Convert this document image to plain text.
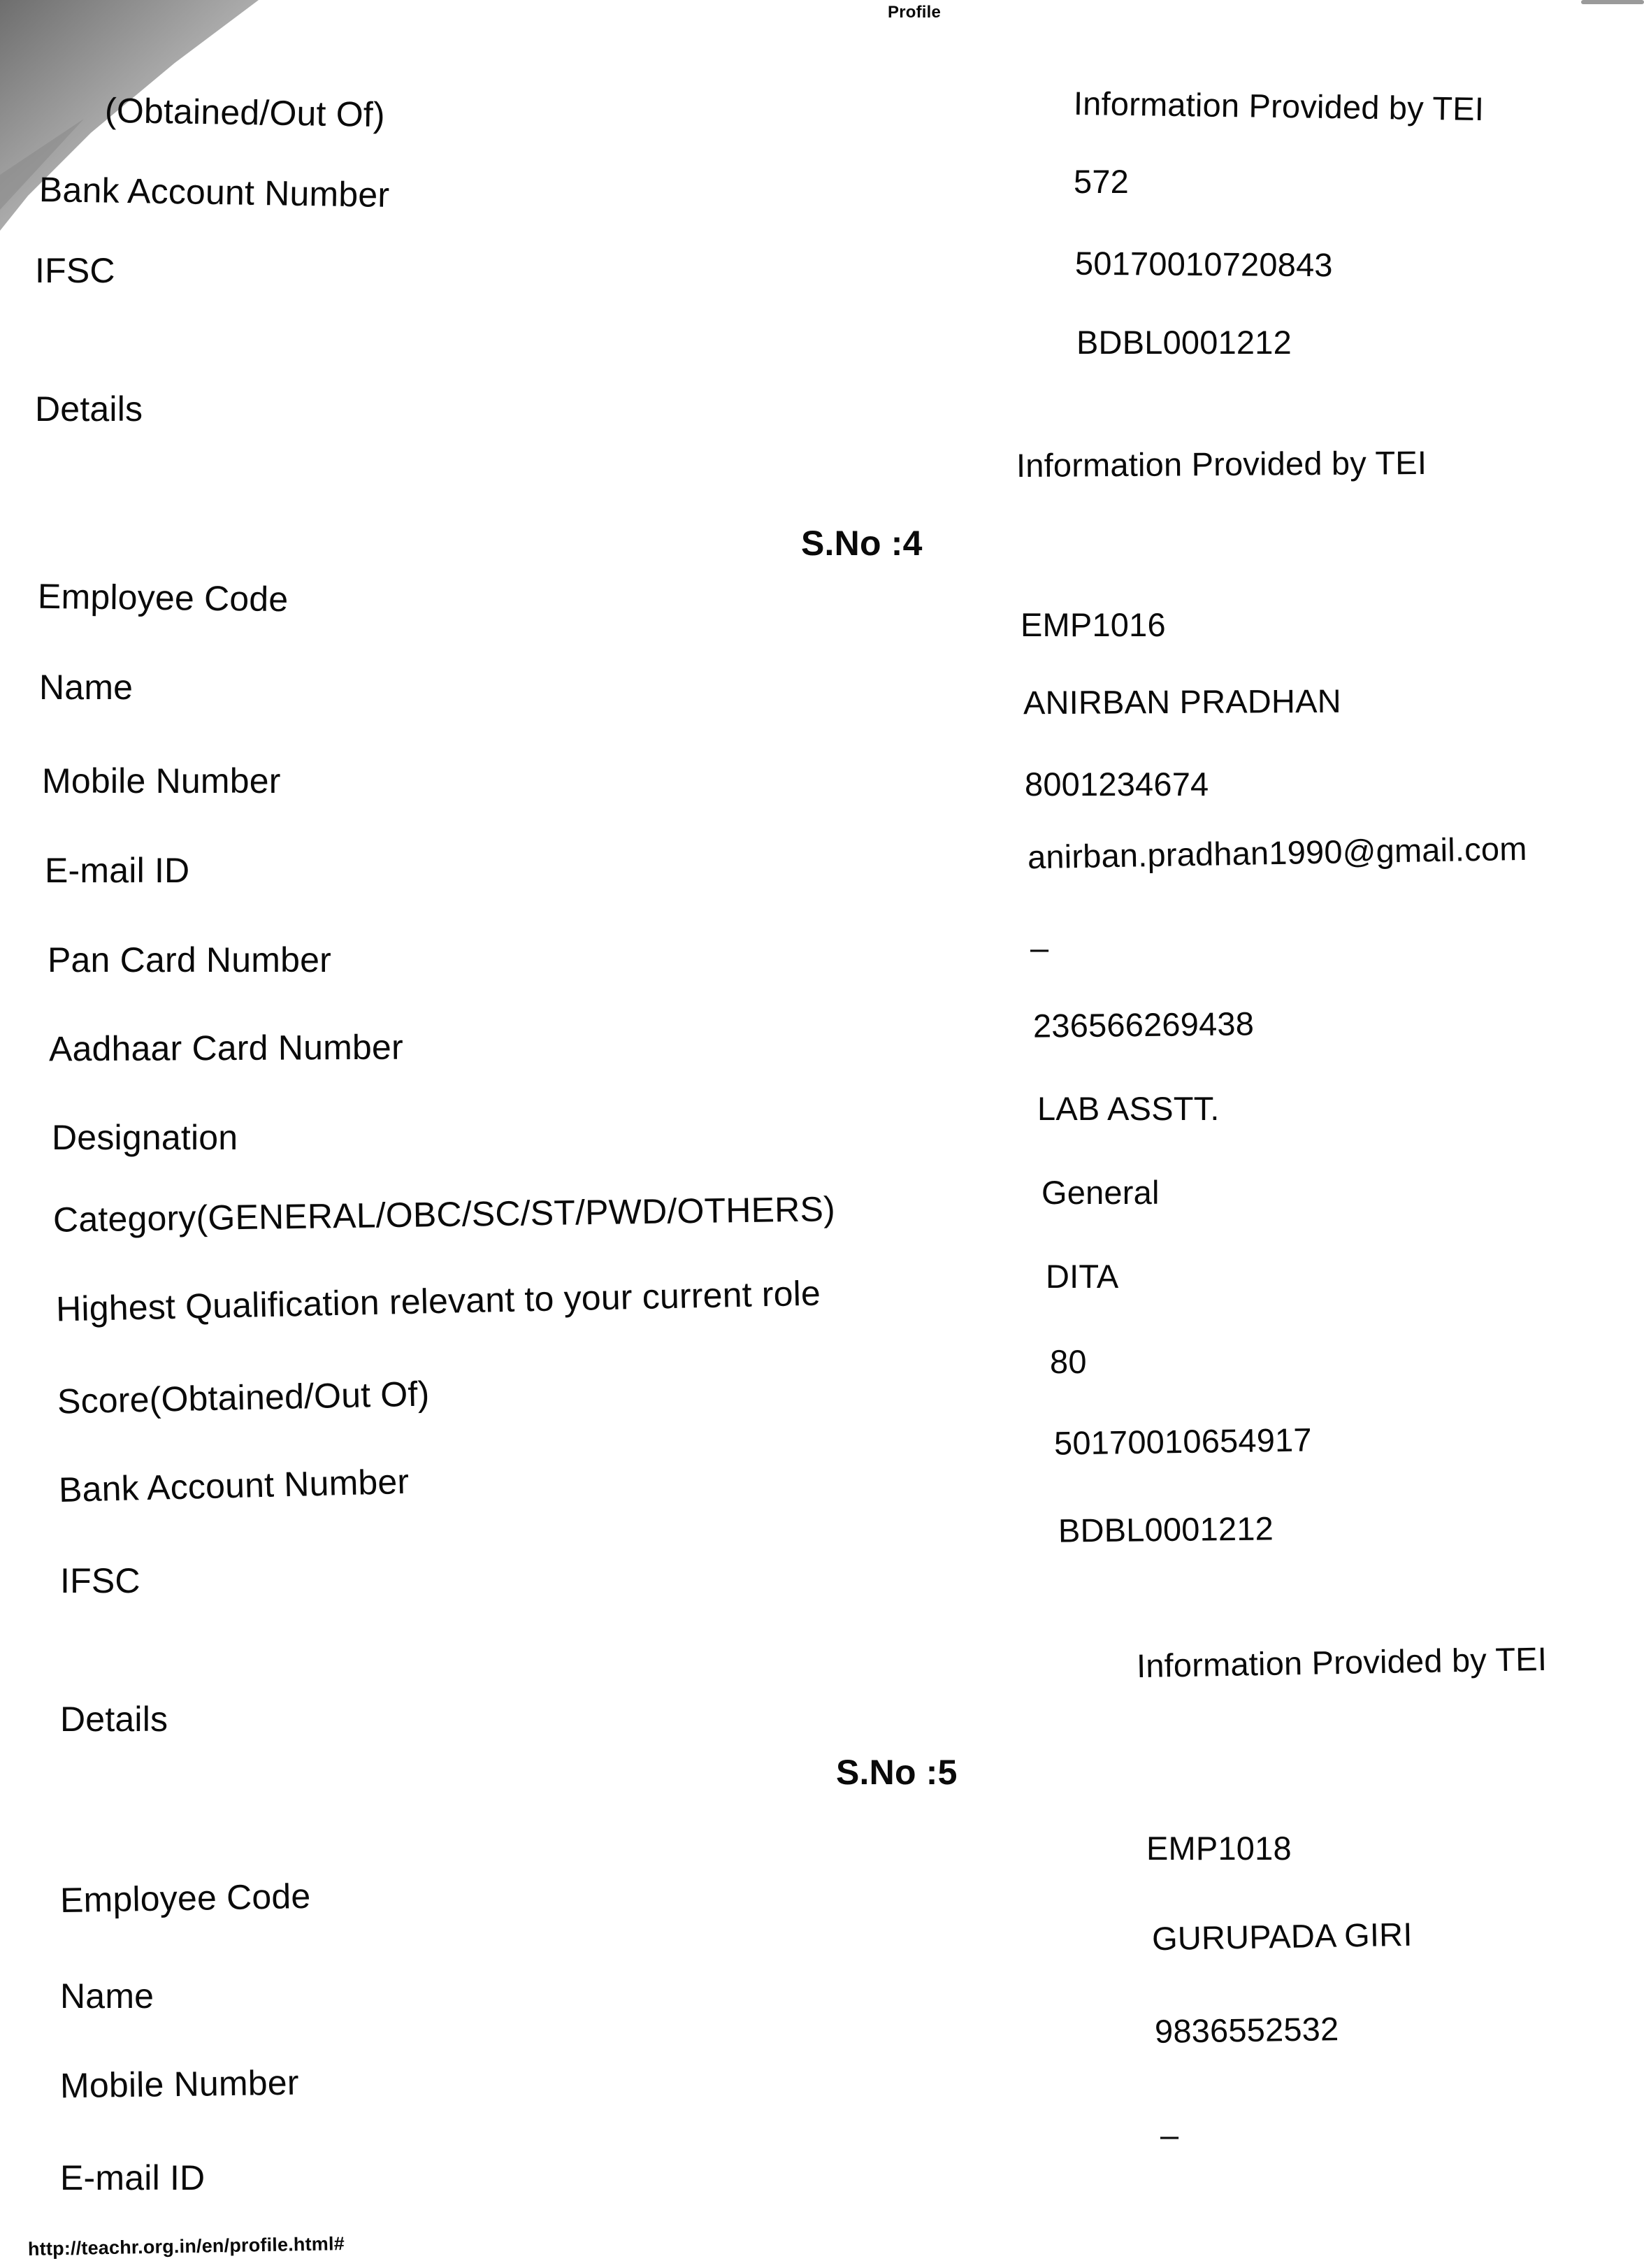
Profile
(Obtained/Out Of)
Bank Account Number
IFSC
Details
Information Provided by TEI
572
50170010720843
BDBL0001212
Information Provided by TEI
S.No :4
Employee Code
Name
Mobile Number
E-mail ID
Pan Card Number
Aadhaar Card Number
Designation
Category(GENERAL/OBC/SC/ST/PWD/OTHERS)
Highest Qualification relevant to your current role
Score(Obtained/Out Of)
Bank Account Number
IFSC
Details
EMP1016
ANIRBAN PRADHAN
8001234674
anirban.pradhan1990@gmail.com
–
236566269438
LAB ASSTT.
General
DITA
80
50170010654917
BDBL0001212
Information Provided by TEI
S.No :5
Employee Code
Name
Mobile Number
E-mail ID
EMP1018
GURUPADA GIRI
9836552532
–
http://teachr.org.in/en/profile.html#
